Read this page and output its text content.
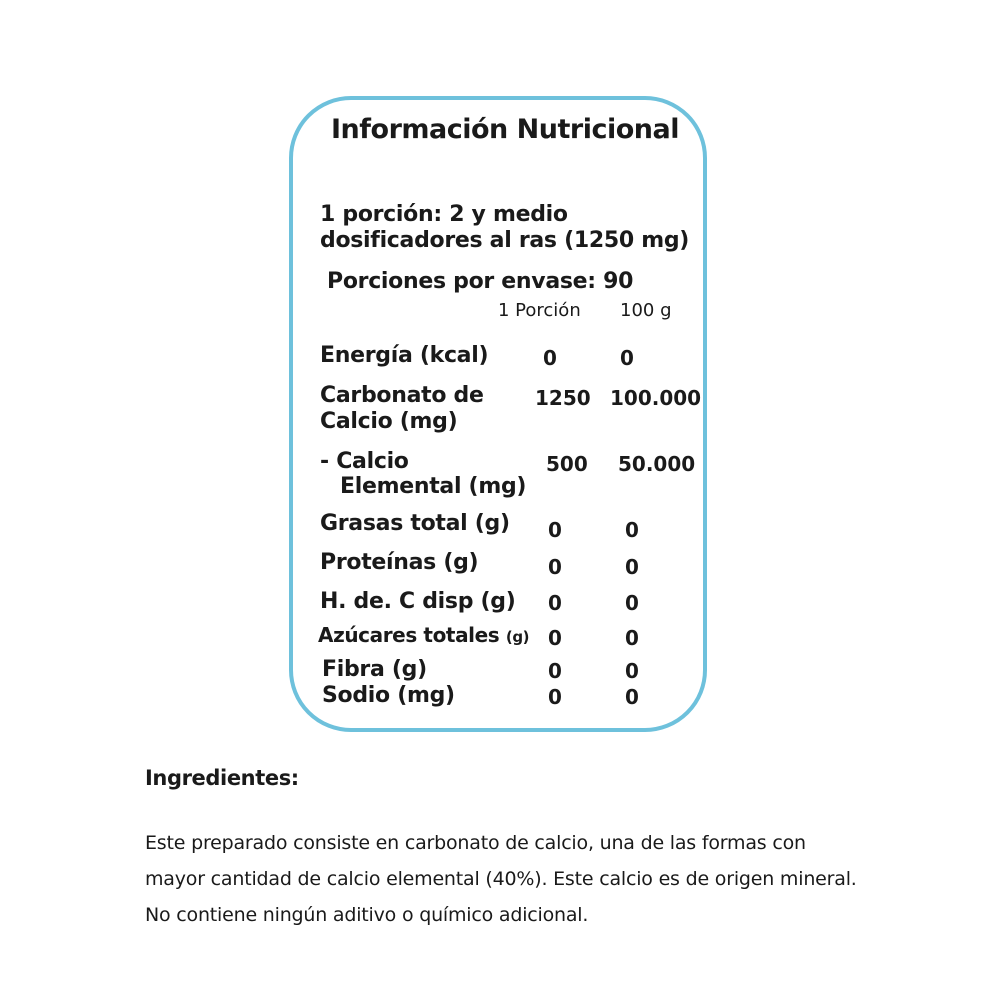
Información Nutricional
1 porción: 2 y medio
dosificadores al ras (1250 mg)
Porciones por envase: 90
1 Porción 100 g
Energía (kcal)	0	0
Carbonato de
Calcio (mg)
1250 100.000
- Calcio
Elemental (mg)
500 50.000
Grasas total (g) 0	0
Proteínas (g)	0	0
H. de. C disp (g) 0	0
Azúcares totales (g) 0	0
Fibra (g)	0	0
Sodio (mg)	0	0
Ingredientes:
Este preparado consiste en carbonato de calcio, una de las formas con mayor cantidad de calcio elemental (40%). Este calcio es de origen mineral. No contiene ningún aditivo o químico adicional.
